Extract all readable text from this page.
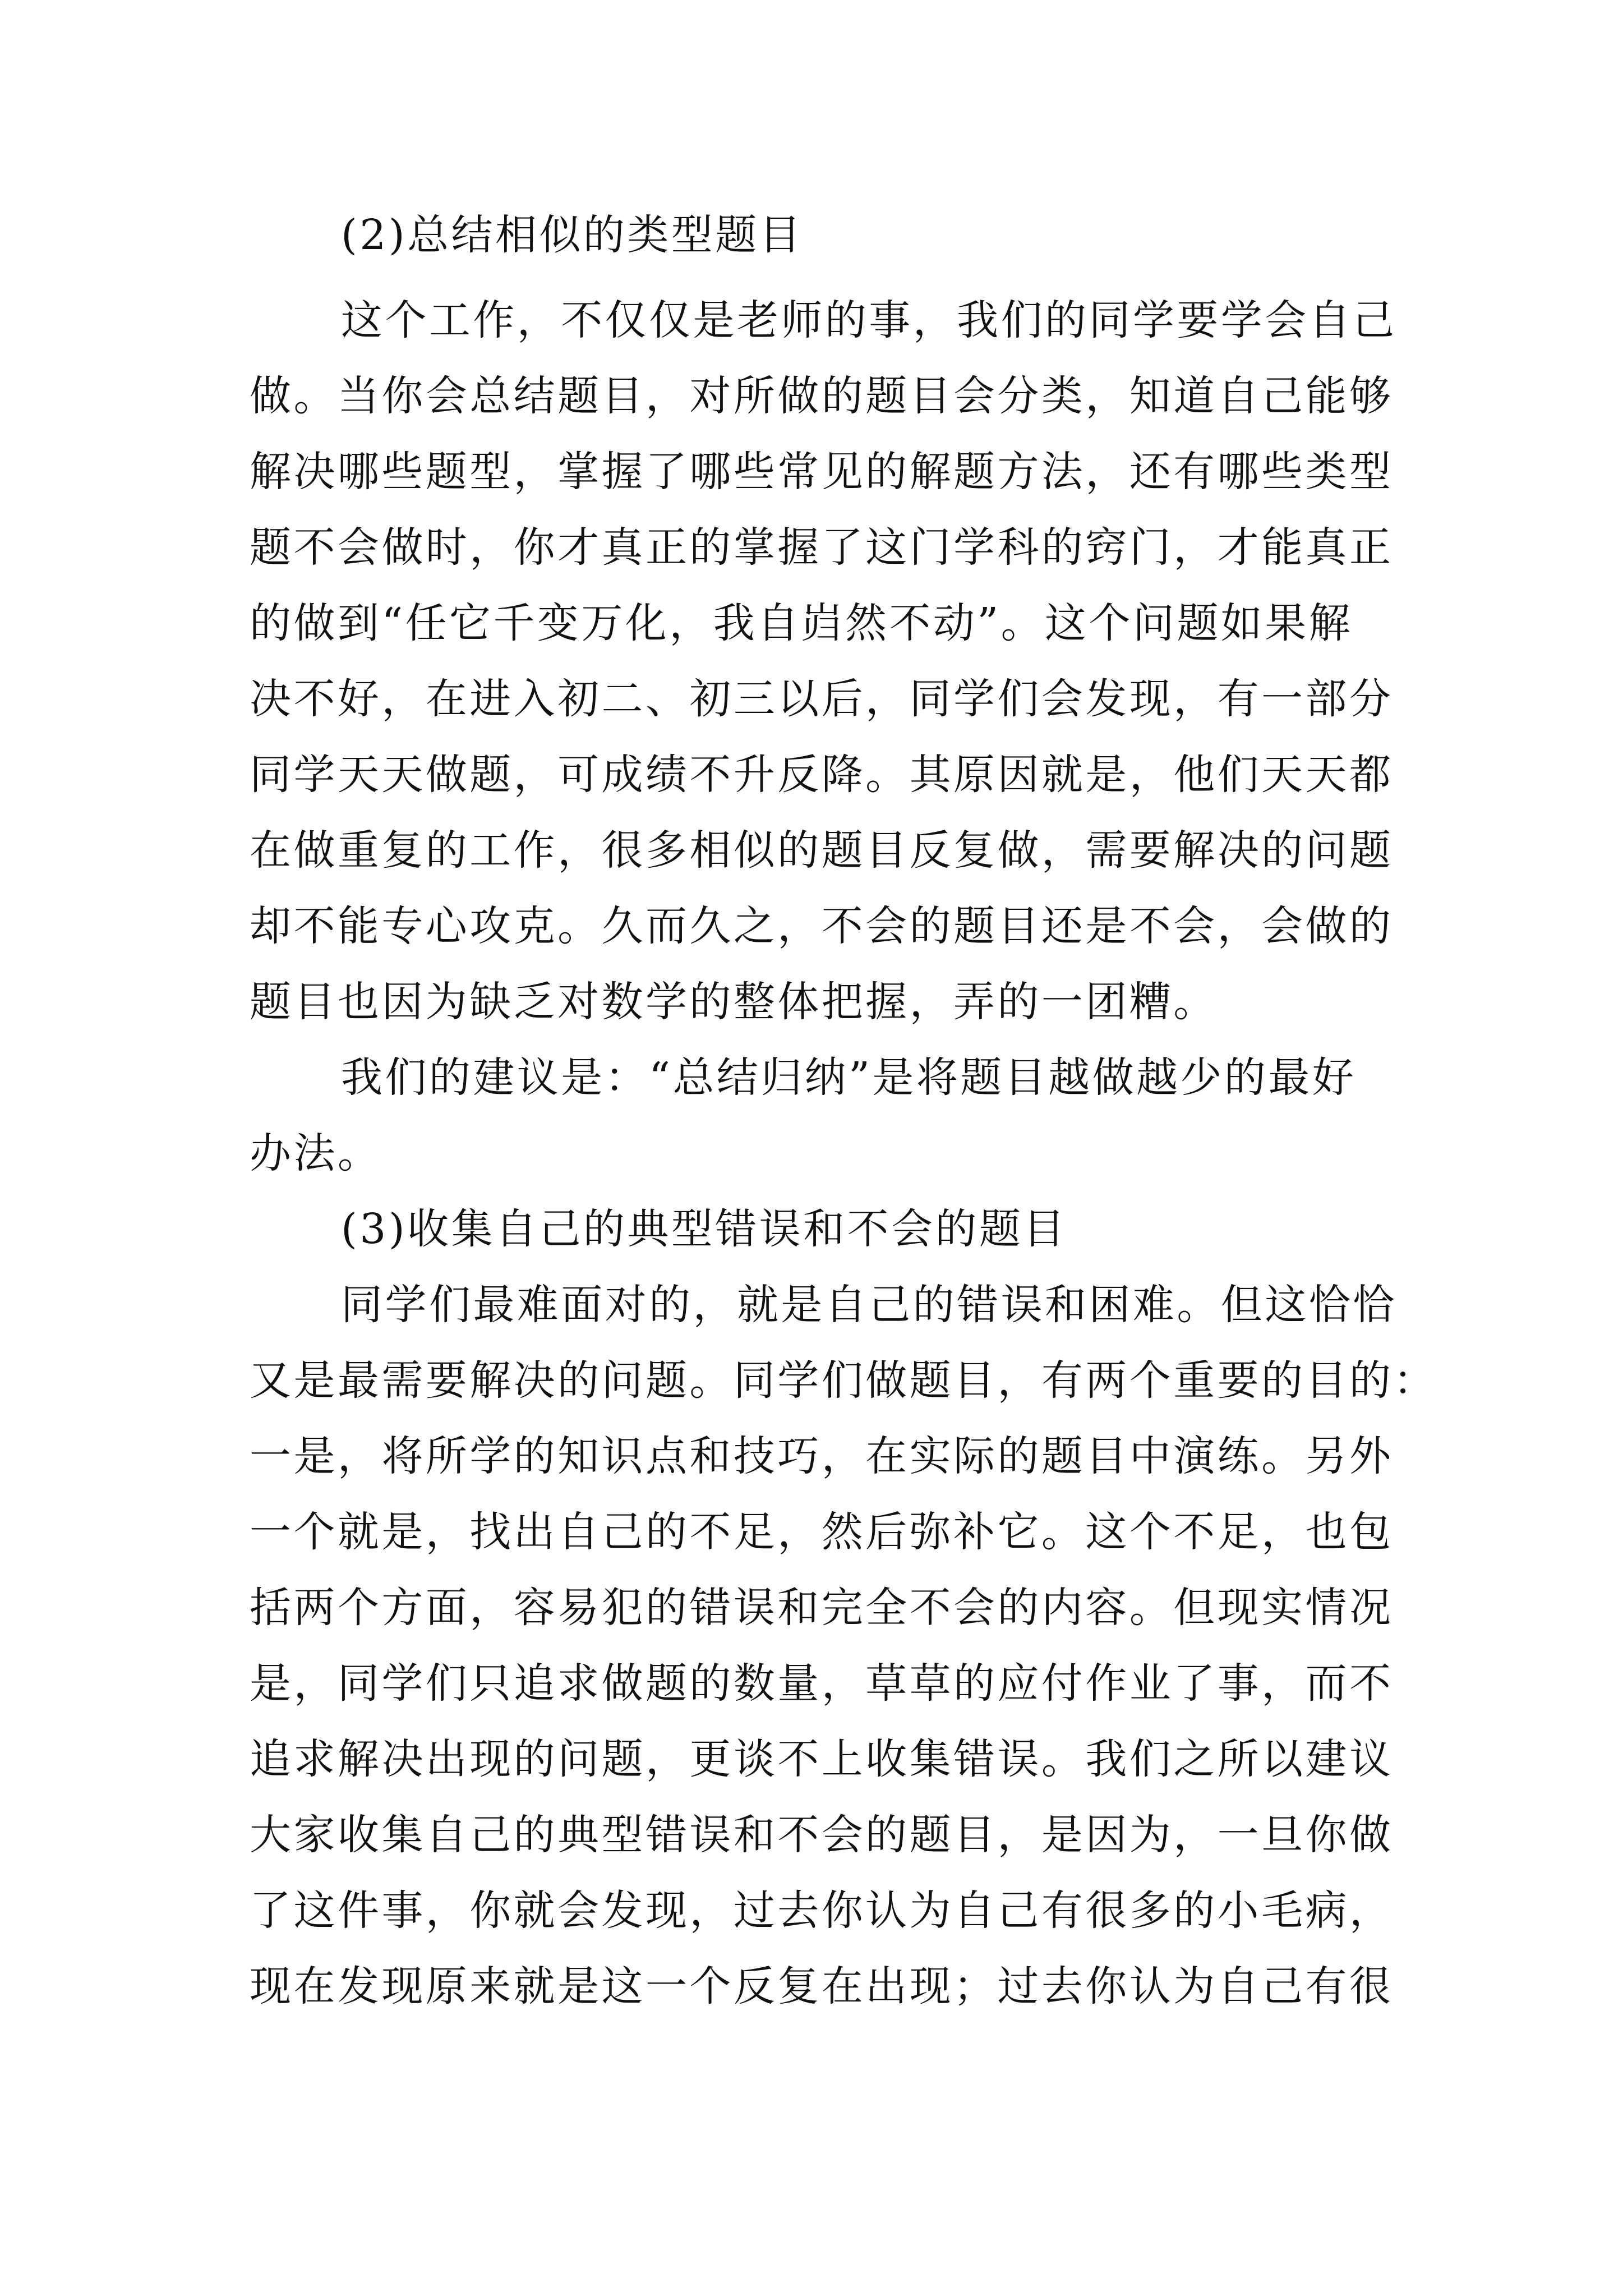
(2)总结相似的类型题目

这个工作，不仅仅是老师的事，我们的同学要学会自己

做。当你会总结题目，对所做的题目会分类，知道自己能够

解决哪些题型，掌握了哪些常见的解题方法，还有哪些类型

题不会做时，你才真正的掌握了这门学科的窍门，才能真正

的做到“任它千变万化，我自岿然不动”。这个问题如果解

决不好，在进入初二、初三以后，同学们会发现，有一部分

同学天天做题，可成绩不升反降。其原因就是，他们天天都

在做重复的工作，很多相似的题目反复做，需要解决的问题

却不能专心攻克。久而久之，不会的题目还是不会，会做的

题目也因为缺乏对数学的整体把握，弄的一团糟。

我们的建议是：“总结归纳”是将题目越做越少的最好

办法。

(3)收集自己的典型错误和不会的题目

同学们最难面对的，就是自己的错误和困难。但这恰恰

又是最需要解决的问题。同学们做题目，有两个重要的目的：

一是，将所学的知识点和技巧，在实际的题目中演练。另外

一个就是，找出自己的不足，然后弥补它。这个不足，也包

括两个方面，容易犯的错误和完全不会的内容。但现实情况

是，同学们只追求做题的数量，草草的应付作业了事，而不

追求解决出现的问题，更谈不上收集错误。我们之所以建议

大家收集自己的典型错误和不会的题目，是因为，一旦你做

了这件事，你就会发现，过去你认为自己有很多的小毛病，

现在发现原来就是这一个反复在出现；过去你认为自己有很
